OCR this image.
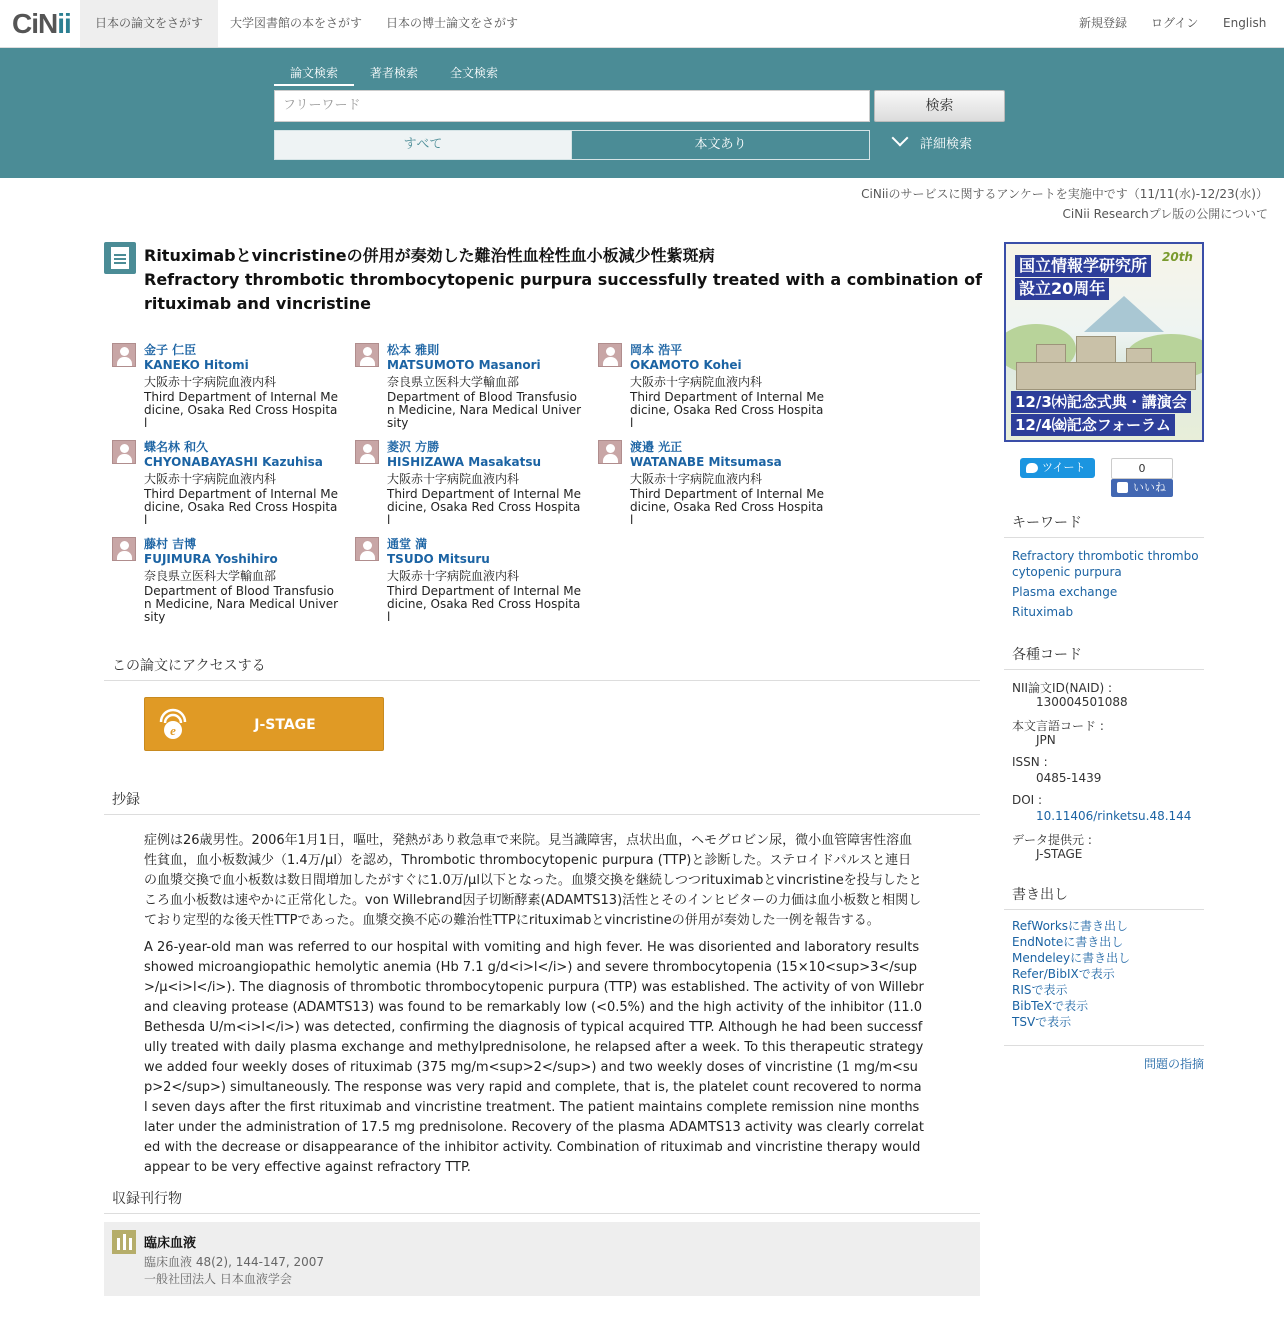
CiNii	日本の論文をさがす	大学図書館の本をさがす	日本の博士論文をさがす	新規登録 ログイン English
論文検索	著者検索	全文検索
フリーワード	検索
すべて	本文あり	詳細検索
CiNiiのサービスに関するアンケートを実施中です（11/11(水)-12/23(水)）
CiNii Researchプレ版の公開について
Rituximabとvincristineの併用が奏効した難治性血栓性血小板減少性紫斑病
Refractory thrombotic thrombocytopenic purpura successfully treated with a combination of rituximab and vincristine
金子 仁臣
KANEKO Hitomi
大阪赤十字病院血液内科
Third Department of Internal Medicine, Osaka Red Cross Hospital
松本 雅則
MATSUMOTO Masanori
奈良県立医科大学輸血部
Department of Blood Transfusion Medicine, Nara Medical University
岡本 浩平
OKAMOTO Kohei
大阪赤十字病院血液内科
Third Department of Internal Medicine, Osaka Red Cross Hospital
蝶名林 和久
CHYONABAYASHI Kazuhisa
大阪赤十字病院血液内科
Third Department of Internal Medicine, Osaka Red Cross Hospital
菱沢 方勝
HISHIZAWA Masakatsu
大阪赤十字病院血液内科
Third Department of Internal Medicine, Osaka Red Cross Hospital
渡邉 光正
WATANABE Mitsumasa
大阪赤十字病院血液内科
Third Department of Internal Medicine, Osaka Red Cross Hospital
藤村 吉博
FUJIMURA Yoshihiro
奈良県立医科大学輸血部
Department of Blood Transfusion Medicine, Nara Medical University
通堂 満
TSUDO Mitsuru
大阪赤十字病院血液内科
Third Department of Internal Medicine, Osaka Red Cross Hospital
この論文にアクセスする
e	J-STAGE
抄録

症例は26歳男性。2006年1月1日，嘔吐，発熱があり救急車で来院。見当識障害，点状出血，ヘモグロビン尿，微小血管障害性溶血性貧血，血小板数減少（1.4万/μl）を認め，Thrombotic thrombocytopenic purpura (TTP)と診断した。ステロイドパルスと連日の血漿交換で血小板数は数日間増加したがすぐに1.0万/μl以下となった。血漿交換を継続しつつrituximabとvincristineを投与したところ血小板数は速やかに正常化した。von Willebrand因子切断酵素(ADAMTS13)活性とそのインヒビターの力価は血小板数と相関しており定型的な後天性TTPであった。血漿交換不応の難治性TTPにrituximabとvincristineの併用が奏効した一例を報告する。

A 26-year-old man was referred to our hospital with vomiting and high fever. He was disoriented and laboratory results showed microangiopathic hemolytic anemia (Hb 7.1 g/d<i>l</i>) and severe thrombocytopenia (15×10<sup>3</sup>/μ<i>l</i>). The diagnosis of thrombotic thrombocytopenic purpura (TTP) was established. The activity of von Willebrand cleaving protease (ADAMTS13) was found to be remarkably low (<0.5%) and the high activity of the inhibitor (11.0 Bethesda U/m<i>l</i>) was detected, confirming the diagnosis of typical acquired TTP. Although he had been successfully treated with daily plasma exchange and methylprednisolone, he relapsed after a week. To this therapeutic strategy we added four weekly doses of rituximab (375 mg/m<sup>2</sup>) and two weekly doses of vincristine (1 mg/m<sup>2</sup>) simultaneously. The response was very rapid and complete, that is, the platelet count recovered to normal seven days after the first rituximab and vincristine treatment. The patient maintains complete remission nine months later under the administration of 17.5 mg prednisolone. Recovery of the plasma ADAMTS13 activity was clearly correlated with the decrease or disappearance of the inhibitor activity. Combination of rituximab and vincristine therapy would appear to be very effective against refractory TTP.

収録刊行物
臨床血液
臨床血液 48(2), 144-147, 2007
一般社団法人 日本血液学会
20th
国立情報学研究所
設立20周年
12/3㈭記念式典・講演会
12/4㈮記念フォーラム
ツイート	0
いいね
キーワード
Refractory thrombotic thrombocytopenic purpura
Plasma exchange
Rituximab
各種コード
NII論文ID(NAID) :
130004501088
本文言語コード :
JPN
ISSN :
0485-1439
DOI :
10.11406/rinketsu.48.144
データ提供元 :
J-STAGE
書き出し
RefWorksに書き出し
EndNoteに書き出し
Mendeleyに書き出し
Refer/BibIXで表示
RISで表示
BibTeXで表示
TSVで表示
問題の指摘
